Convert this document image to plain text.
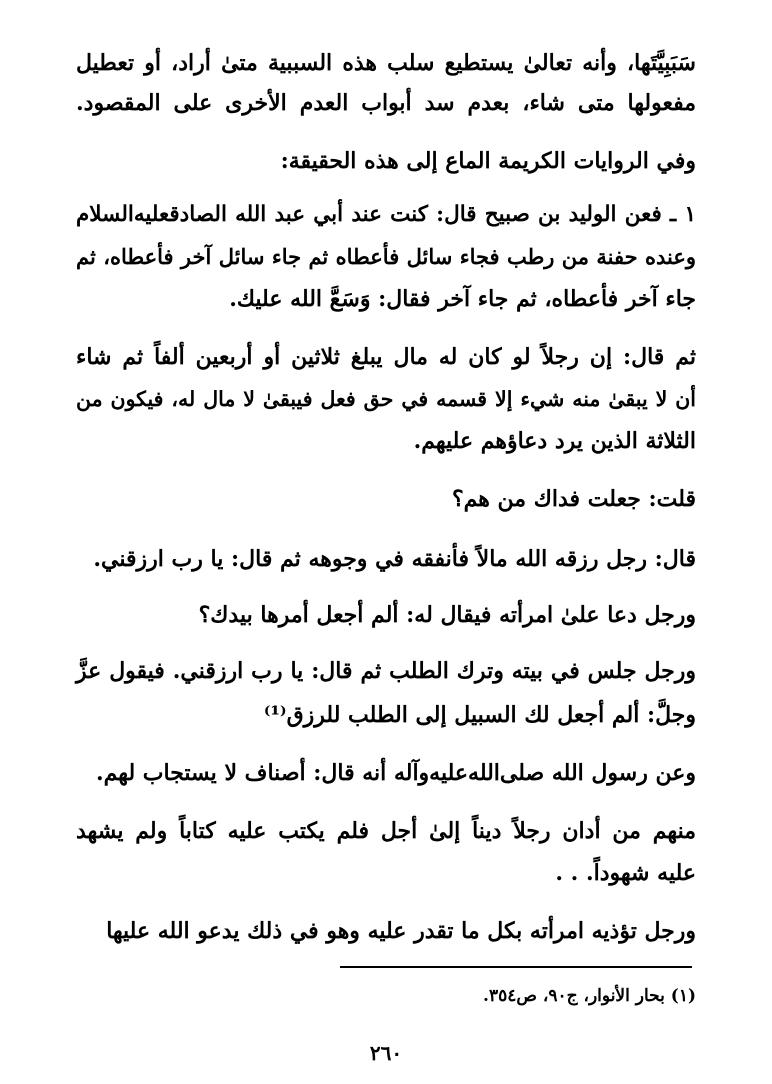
سَبَبِيَّتَها، وأنه تعالىٰ يستطيع سلب هذه السببية متىٰ أراد، أو تعطيل
مفعولها متى شاء، بعدم سد أبواب العدم الأخرى على المقصود.
وفي الروايات الكريمة الماع إلى هذه الحقيقة:
١ ـ فعن الوليد بن صبيح قال: كنت عند أبي عبد الله الصادقعليه‌السلام
وعنده حفنة من رطب فجاء سائل فأعطاه ثم جاء سائل آخر فأعطاه، ثم
جاء آخر فأعطاه، ثم جاء آخر فقال: وَسَعَّ الله عليك.
ثم قال: إن رجلاً لو كان له مال يبلغ ثلاثين أو أربعين ألفاً ثم شاء
أن لا يبقىٰ منه شيء إلا قسمه في حق فعل فيبقىٰ لا مال له، فيكون من
الثلاثة الذين يرد دعاؤهم عليهم.
قلت: جعلت فداك من هم؟
قال: رجل رزقه الله مالاً فأنفقه في وجوهه ثم قال: يا رب ارزقني.
ورجل دعا علىٰ امرأته فيقال له: ألم أجعل أمرها بيدك؟
ورجل جلس في بيته وترك الطلب ثم قال: يا رب ارزقني. فيقول عزَّ
وجلَّ: ألم أجعل لك السبيل إلى الطلب للرزق⁽¹⁾
وعن رسول الله صلى‌الله‌عليه‌وآله أنه قال: أصناف لا يستجاب لهم.
منهم من أدان رجلاً ديناً إلىٰ أجل فلم يكتب عليه كتاباً ولم يشهد
عليه شهوداً. . .
ورجل تؤذيه امرأته بكل ما تقدر عليه وهو في ذلك يدعو الله عليها
(١) بحار الأنوار، ج٩٠، ص٣٥٤.
٢٦٠
